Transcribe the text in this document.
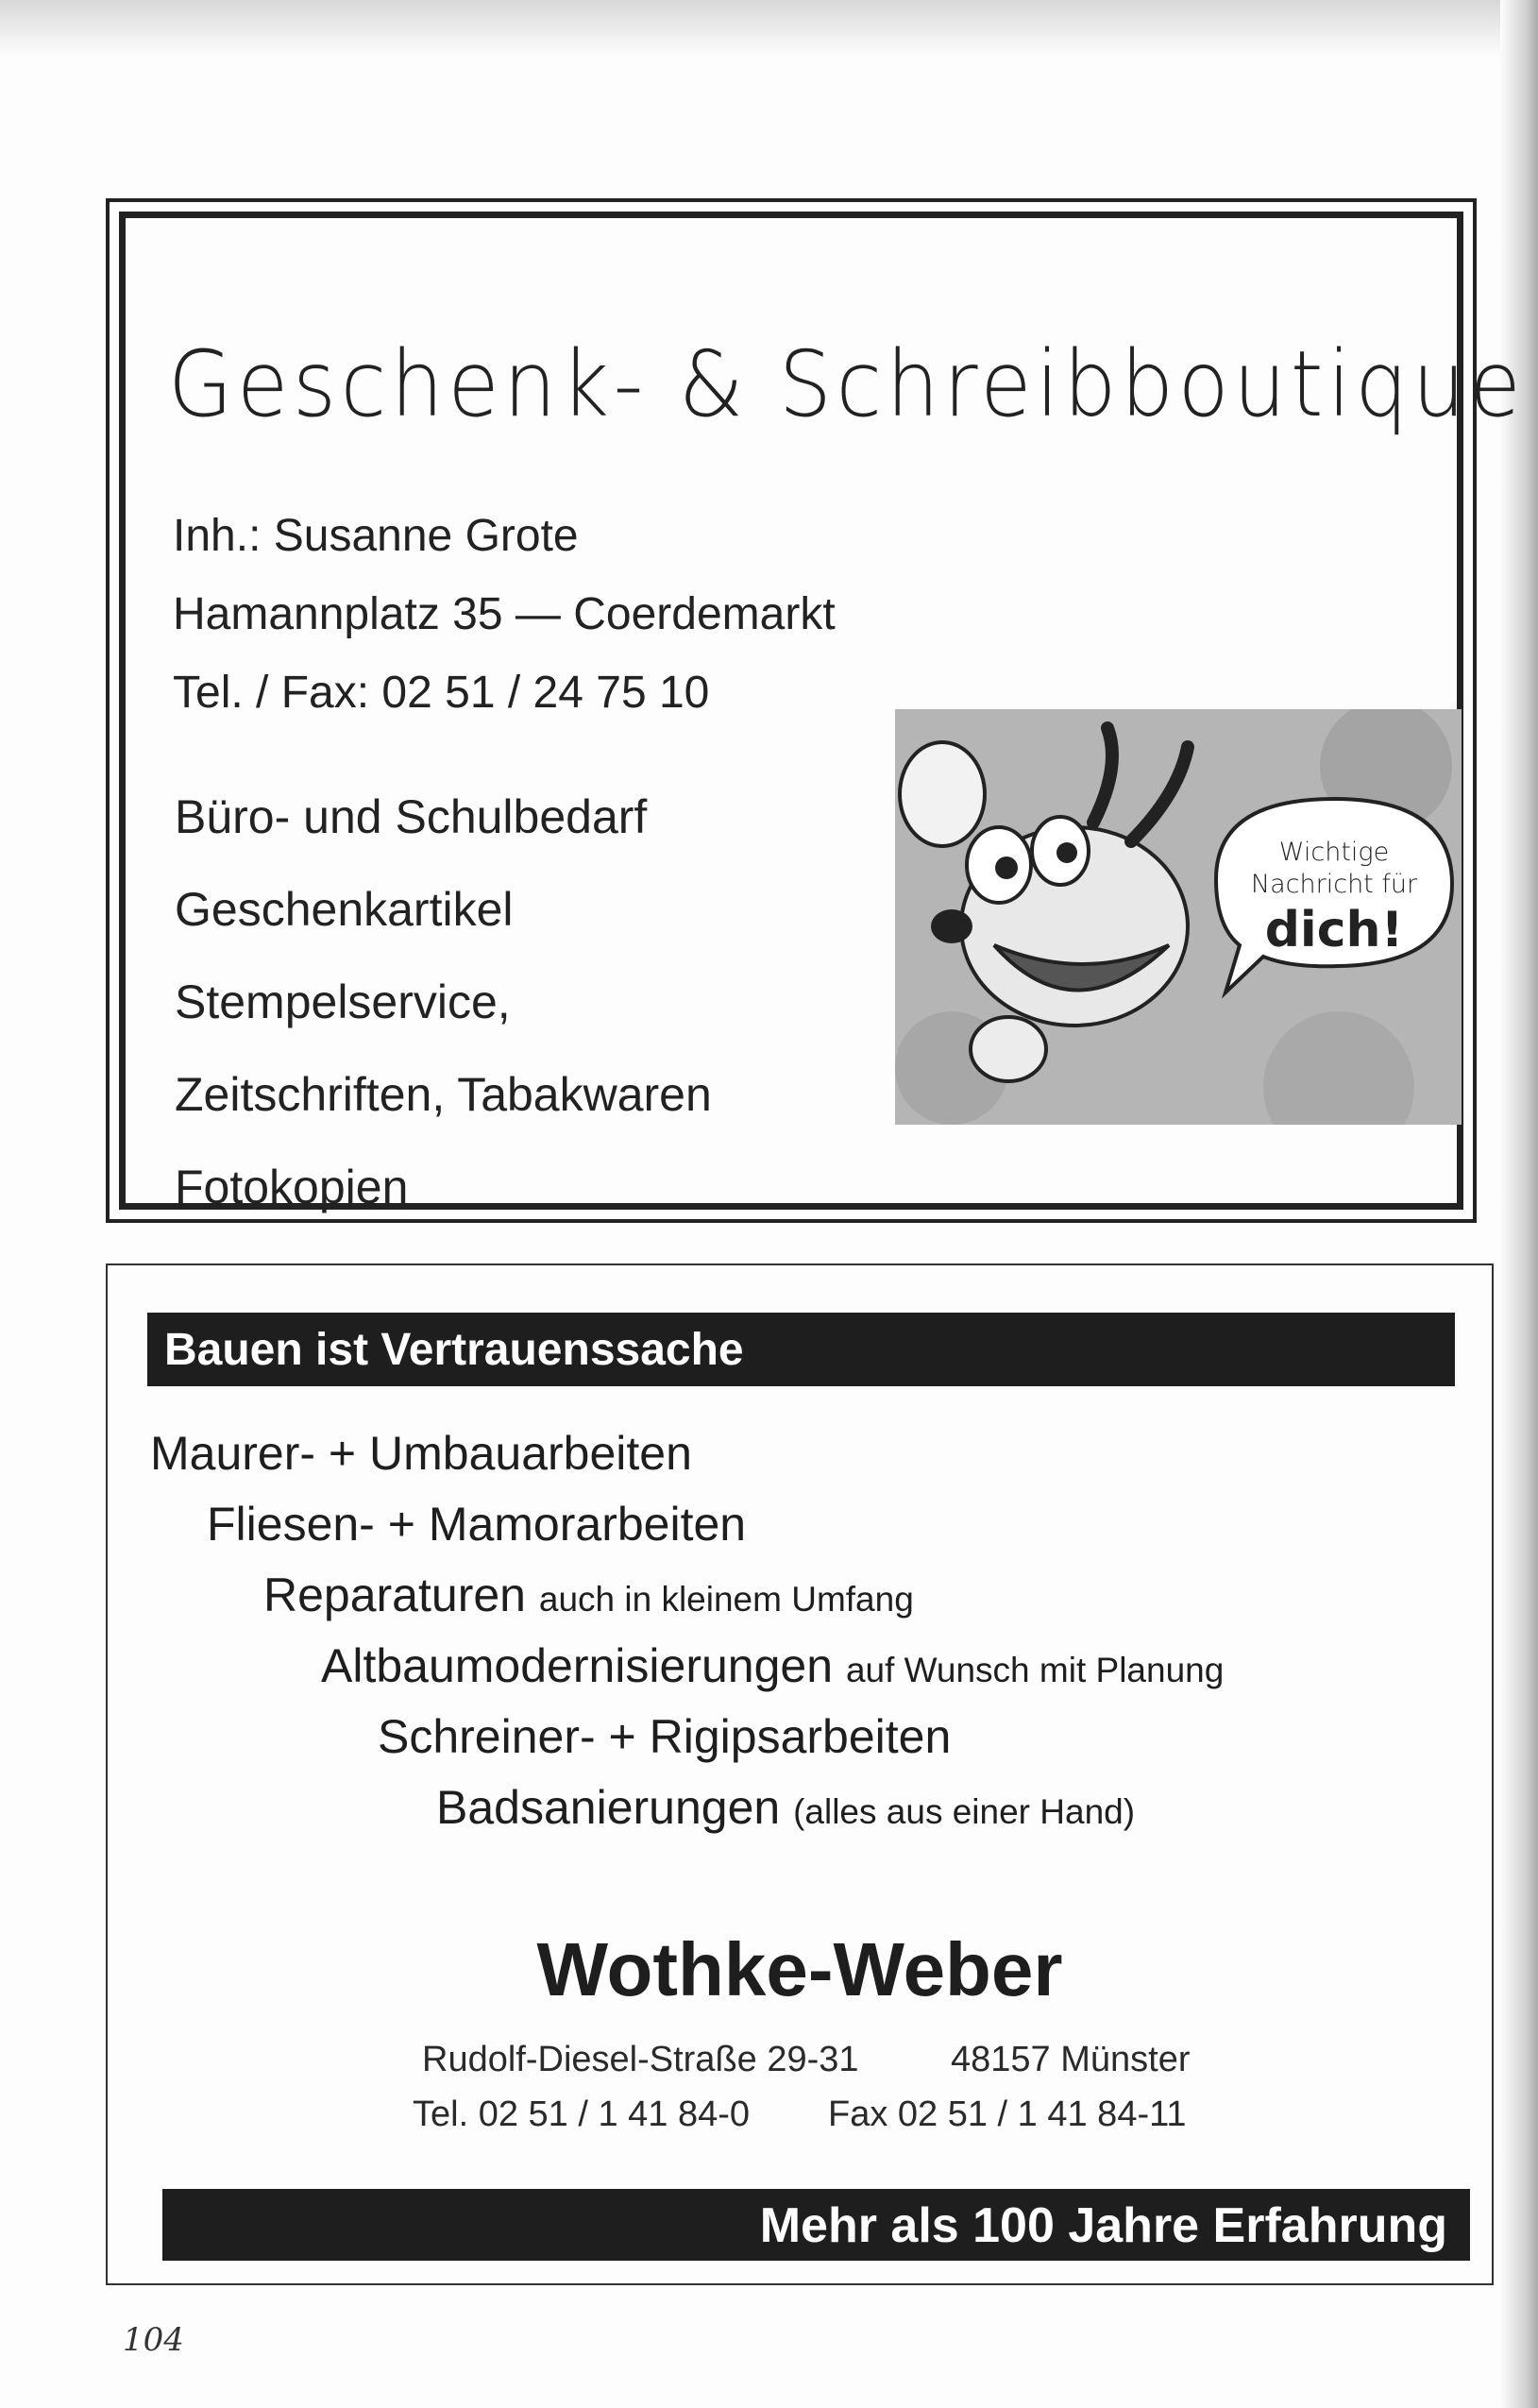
Geschenk- & Schreibboutique
Inh.: Susanne Grote
Hamannplatz 35 — Coerdemarkt
Tel. / Fax: 02 51 / 24 75 10
Büro- und Schulbedarf
Geschenkartikel
Stempelservice,
Zeitschriften, Tabakwaren
Fotokopien
Wichtige
Nachricht für
dich!
Bauen ist Vertrauenssache
Maurer- + Umbauarbeiten
Fliesen- + Mamorarbeiten
Reparaturen auch in kleinem Umfang
Altbaumodernisierungen auf Wunsch mit Planung
Schreiner- + Rigipsarbeiten
Badsanierungen (alles aus einer Hand)
Wothke-Weber
Rudolf-Diesel-Straße 29-31	48157 Münster
Tel. 02 51 / 1 41 84-0 Fax 02 51 / 1 41 84-11
Mehr als 100 Jahre Erfahrung
104
